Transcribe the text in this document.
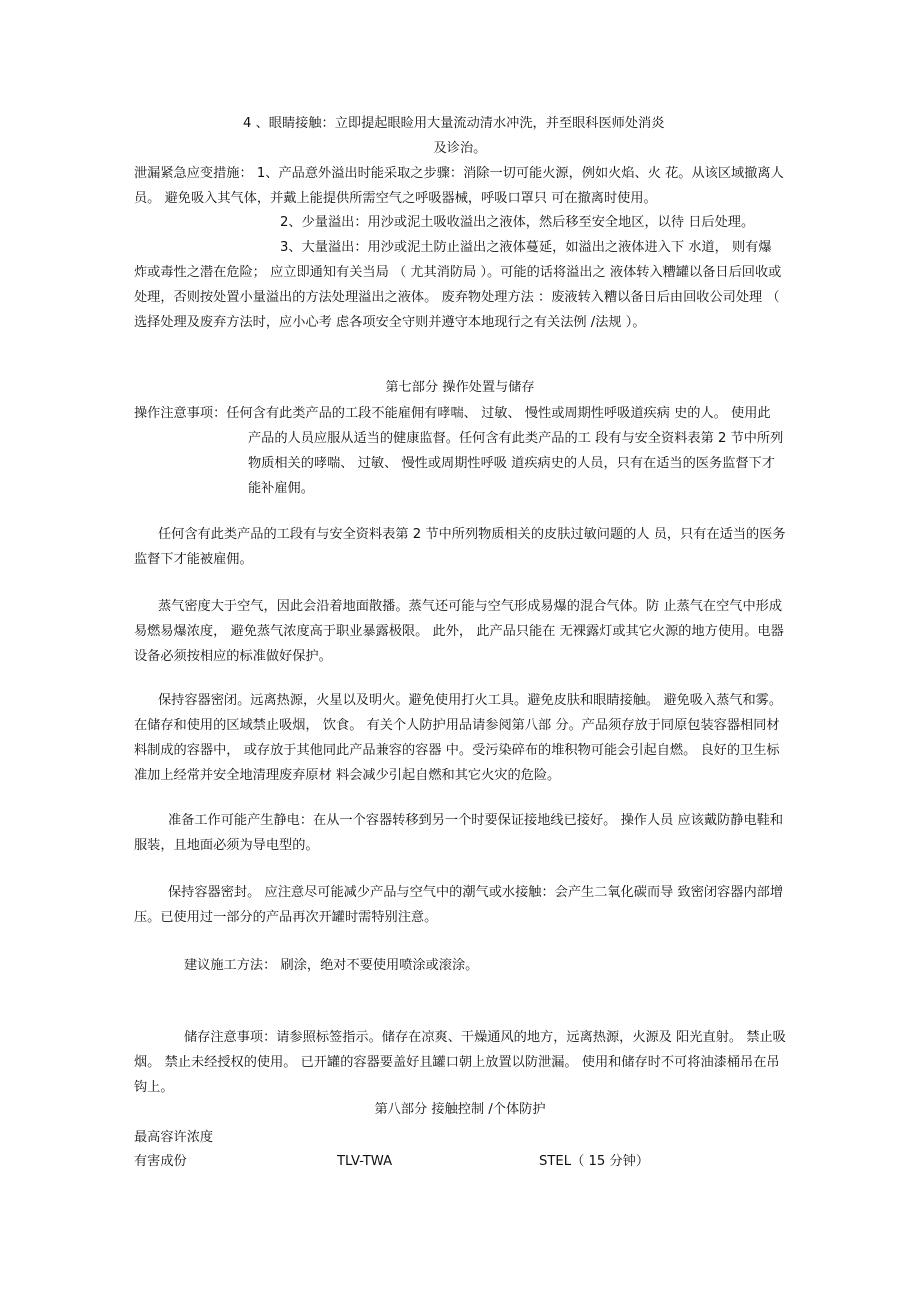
4 、眼睛接触：立即提起眼睑用大量流动清水冲洗，并至眼科医师处消炎

及诊治。

泄漏紧急应变措施： 1、产品意外溢出时能采取之步骤：消除一切可能火源，例如火焰、火 花。从该区域撤离人员。 避免吸入其气体，并戴上能提供所需空气之呼吸器械，呼吸口罩只 可在撤离时使用。

2、少量溢出：用沙或泥土吸收溢出之液体，然后移至安全地区，以待 日后处理。

3、大量溢出：用沙或泥土防止溢出之液体蔓延，如溢出之液体进入下 水道， 则有爆

炸或毒性之潜在危险； 应立即通知有关当局 （ 尤其消防局 ）。可能的话将溢出之 液体转入糟罐以备日后回收或处理，否则按处置小量溢出的方法处理溢出之液体。 废弃物处理方法 ：废液转入糟以备日后由回收公司处理 （ 选择处理及废弃方法时，应小心考 虑各项安全守则并遵守本地现行之有关法例 /法规 ）。

第七部分 操作处置与储存

操作注意事项：任何含有此类产品的工段不能雇佣有哮喘、 过敏、 慢性或周期性呼吸道疾病 史的人。 使用此

产品的人员应服从适当的健康监督。任何含有此类产品的工 段有与安全资料表第 2 节中所列物质相关的哮喘、 过敏、 慢性或周期性呼吸 道疾病史的人员，只有在适当的医务监督下才能补雇佣。

任何含有此类产品的工段有与安全资料表第 2 节中所列物质相关的皮肤过敏问题的人 员，只有在适当的医务监督下才能被雇佣。

蒸气密度大于空气，因此会沿着地面散播。蒸气还可能与空气形成易爆的混合气体。防 止蒸气在空气中形成易燃易爆浓度， 避免蒸气浓度高于职业暴露极限。 此外， 此产品只能在 无裸露灯或其它火源的地方使用。电器设备必须按相应的标准做好保护。

保持容器密闭。远离热源，火星以及明火。避免使用打火工具。避免皮肤和眼睛接触。 避免吸入蒸气和雾。在储存和使用的区域禁止吸烟， 饮食。 有关个人防护用品请参阅第八部 分。产品须存放于同原包装容器相同材料制成的容器中， 或存放于其他同此产品兼容的容器 中。受污染碎布的堆积物可能会引起自燃。 良好的卫生标准加上经常并安全地清理废弃原材 料会减少引起自燃和其它火灾的危险。

准备工作可能产生静电：在从一个容器转移到另一个时要保证接地线已接好。 操作人员 应该戴防静电鞋和服装，且地面必须为导电型的。

保持容器密封。 应注意尽可能减少产品与空气中的潮气或水接触：会产生二氧化碳而导 致密闭容器内部增压。已使用过一部分的产品再次开罐时需特别注意。

建议施工方法： 刷涂，绝对不要使用喷涂或滚涂。

储存注意事项：请参照标签指示。储存在凉爽、干燥通风的地方，远离热源，火源及 阳光直射。 禁止吸烟。 禁止未经授权的使用。 已开罐的容器要盖好且罐口朝上放置以防泄漏。 使用和储存时不可将油漆桶吊在吊钩上。

第八部分 接触控制 /个体防护

最高容许浓度

有害成份	TLV-TWA	STEL（ 15 分钟）
